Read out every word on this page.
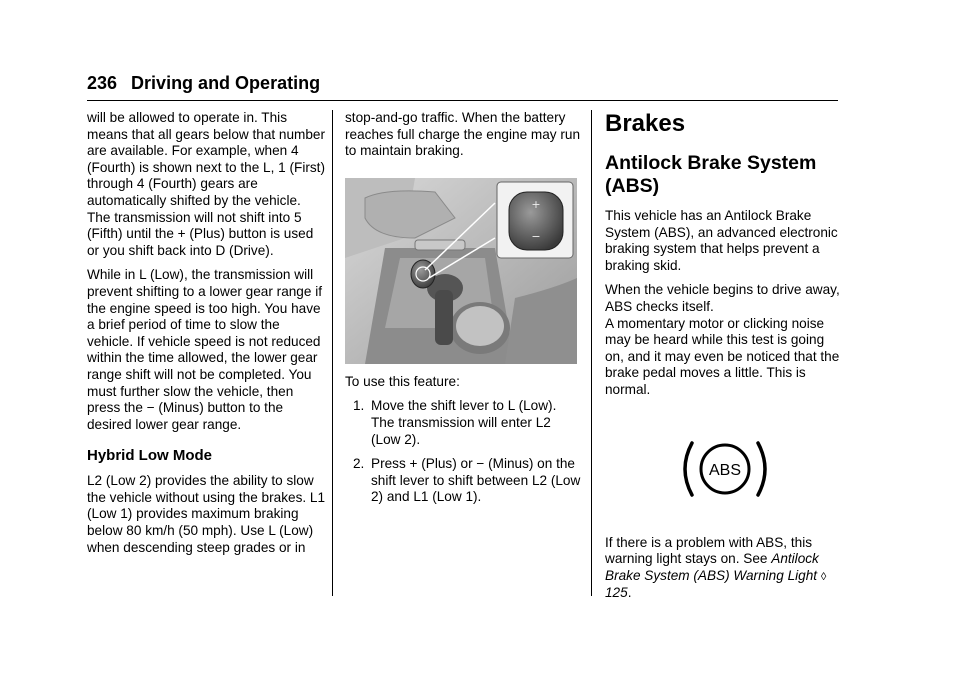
236 Driving and Operating

will be allowed to operate in. This means that all gears below that number are available. For example, when 4 (Fourth) is shown next to the L, 1 (First) through 4 (Fourth) gears are automatically shifted by the vehicle. The transmission will not shift into 5 (Fifth) until the + (Plus) button is used or you shift back into D (Drive).

While in L (Low), the transmission will prevent shifting to a lower gear range if the engine speed is too high. You have a brief period of time to slow the vehicle. If vehicle speed is not reduced within the time allowed, the lower gear range shift will not be completed. You must further slow the vehicle, then press the − (Minus) button to the desired lower gear range.

Hybrid Low Mode

L2 (Low 2) provides the ability to slow the vehicle without using the brakes. L1 (Low 1) provides maximum braking below 80 km/h (50 mph). Use L (Low) when descending steep grades or in

stop-and-go traffic. When the battery reaches full charge the engine may run to maintain braking.

+
−

To use this feature:

1. Move the shift lever to L (Low). The transmission will enter L2 (Low 2).
2. Press + (Plus) or − (Minus) on the shift lever to shift between L2 (Low 2) and L1 (Low 1).
Brakes
Antilock Brake System (ABS)

This vehicle has an Antilock Brake System (ABS), an advanced electronic braking system that helps prevent a braking skid.

When the vehicle begins to drive away, ABS checks itself.

A momentary motor or clicking noise may be heard while this test is going on, and it may even be noticed that the brake pedal moves a little. This is normal.

ABS

If there is a problem with ABS, this warning light stays on. See Antilock Brake System (ABS) Warning Light ◊ 125.
